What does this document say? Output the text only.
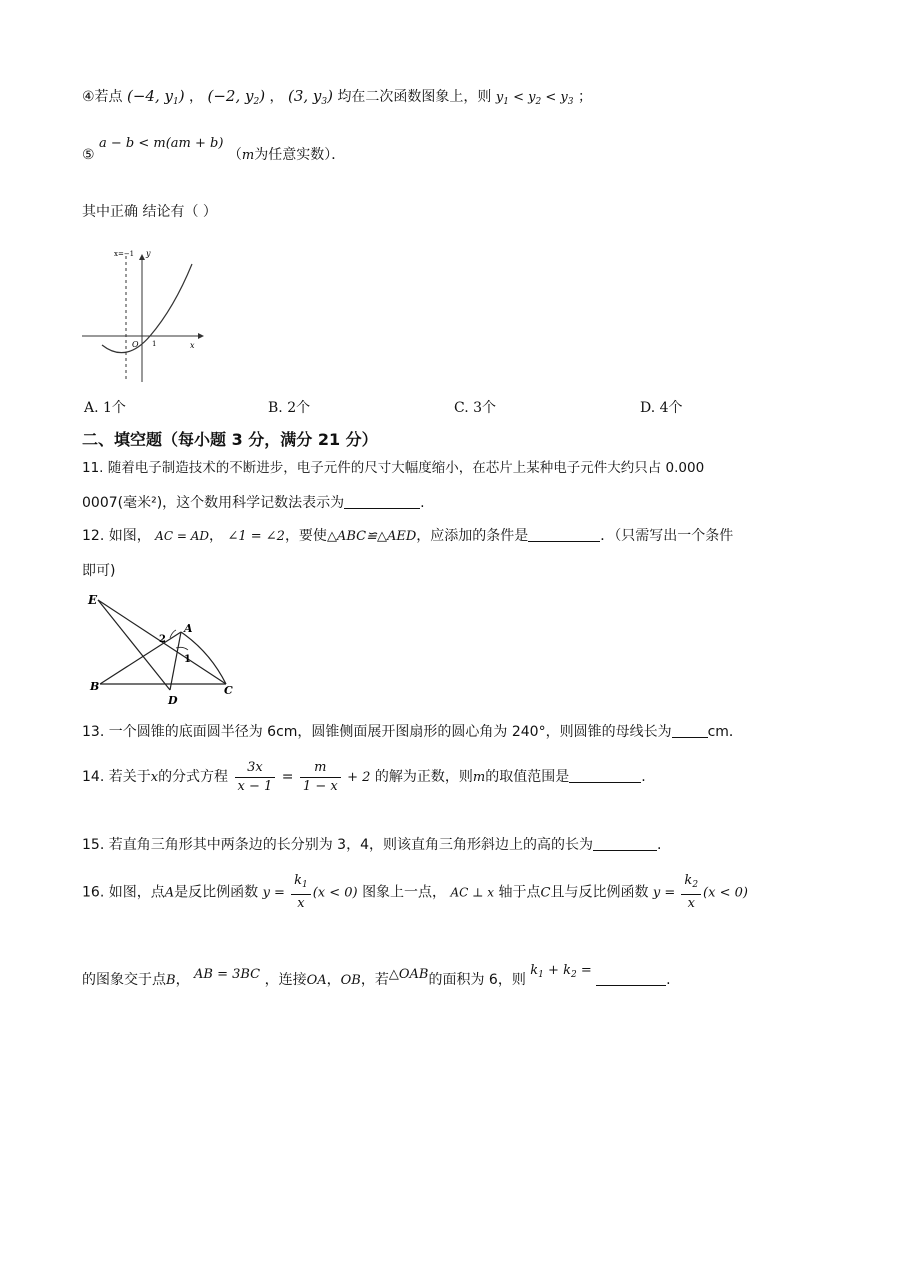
④若点 (−4, $y_1$) ， (−2, $y_2$) ， (3, $y_3$) 均在二次函数图象上，则 $y_1 < y_2 < y_3$ ；
⑤ a − b < m(am + b) （m为任意实数）．
其中正确 结论有（ ）
x=−1 y
x
O 1
A. 1个	B. 2个	C. 3个	D. 4个
二、填空题（每小题 3 分，满分 21 分）
11. 随着电子制造技术的不断进步，电子元件的尺寸大幅度缩小，在芯片上某种电子元件大约只占 0.000
0007(毫米²)，这个数用科学记数法表示为	.
12. 如图， AC = AD， ∠1 = ∠2，要使△ABC≌△AED，应添加的条件是	．（只需写出一个条件
即可)
E
A
B	C
D
1
2
13. 一个圆锥的底面圆半径为 6cm，圆锥侧面展开图扇形的圆心角为 240°，则圆锥的母线长为	cm．
14. 若关于x的分式方程 $\frac{3x}{x - 1} = \frac{m}{1 - x} + 2$ 的解为正数，则m的取值范围是	.
15. 若直角三角形其中两条边的长分别为 3，4，则该直角三角形斜边上的高的长为	.
16. 如图，点A是反比例函数 $y = \frac{k_1}{x} (x < 0)$ 图象上一点， AC ⊥ x 轴于点C且与反比例函数 $y = \frac{k_2}{x} (x < 0)$
的图象交于点B， AB = 3BC ，连接OA，OB，若△OAB的面积为 6，则 $k_1 + k_2$ = .
